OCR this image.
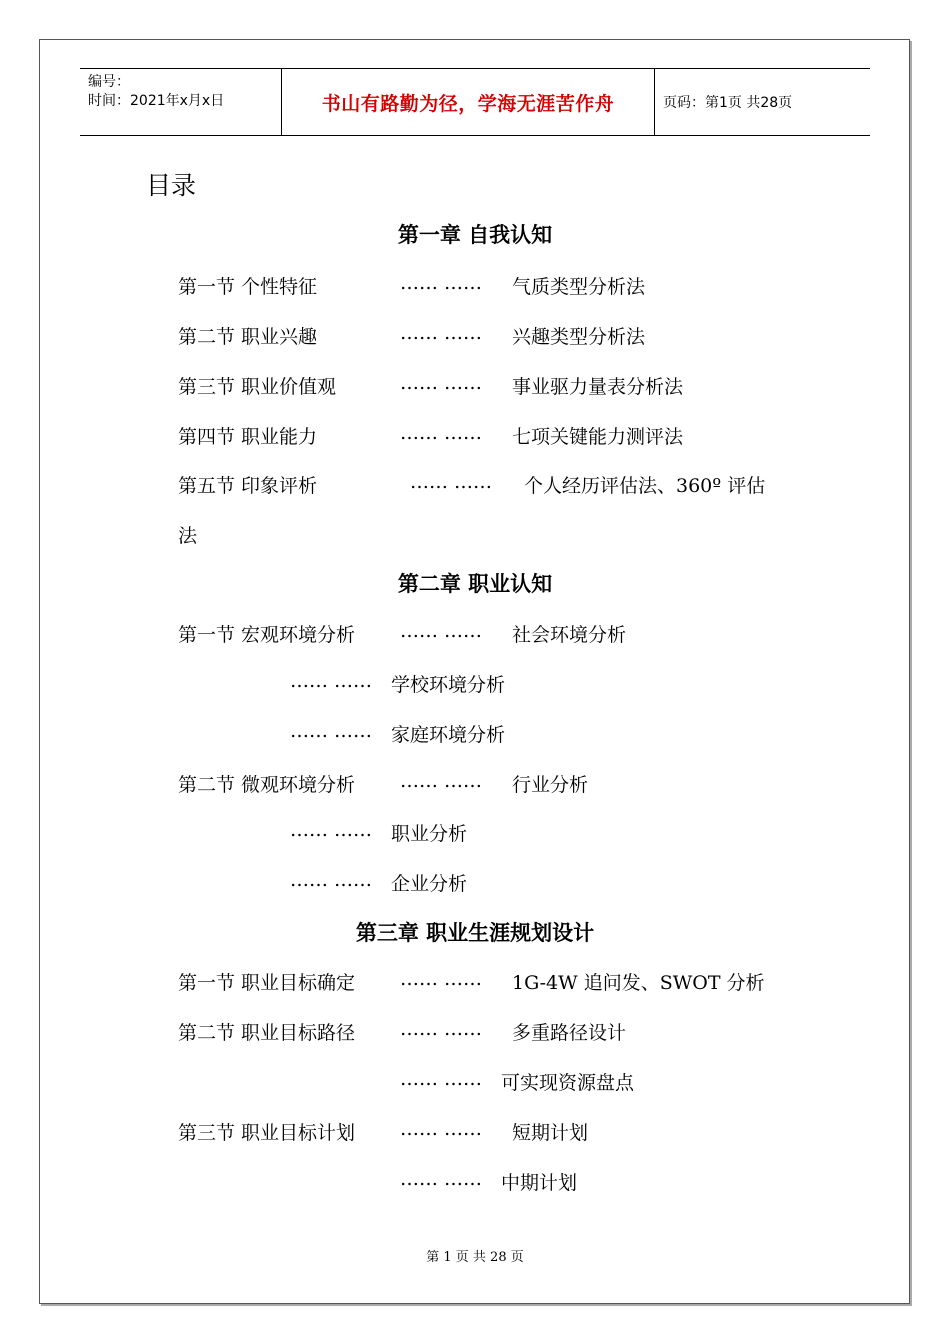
编号：
时间：2021年x月x日	书山有路勤为径，学海无涯苦作舟	页码：第1页 共28页
目录
第一章 自我认知
第一节 个性特征	…… …… 气质类型分析法
第二节 职业兴趣	…… …… 兴趣类型分析法
第三节 职业价值观	…… …… 事业驱力量表分析法
第四节 职业能力	…… …… 七项关键能力测评法
第五节 印象评析	…… …… 个人经历评估法、360º 评估
法
第二章 职业认知
第一节 宏观环境分析 …… …… 社会环境分析
…… …… 学校环境分析
…… …… 家庭环境分析
第二节 微观环境分析 …… …… 行业分析
…… …… 职业分析
…… …… 企业分析
第三章 职业生涯规划设计
第一节 职业目标确定 …… …… 1G-4W 追问发、SWOT 分析
第二节 职业目标路径 …… …… 多重路径设计
…… …… 可实现资源盘点
第三节 职业目标计划 …… …… 短期计划
…… …… 中期计划
第 1 页 共 28 页
